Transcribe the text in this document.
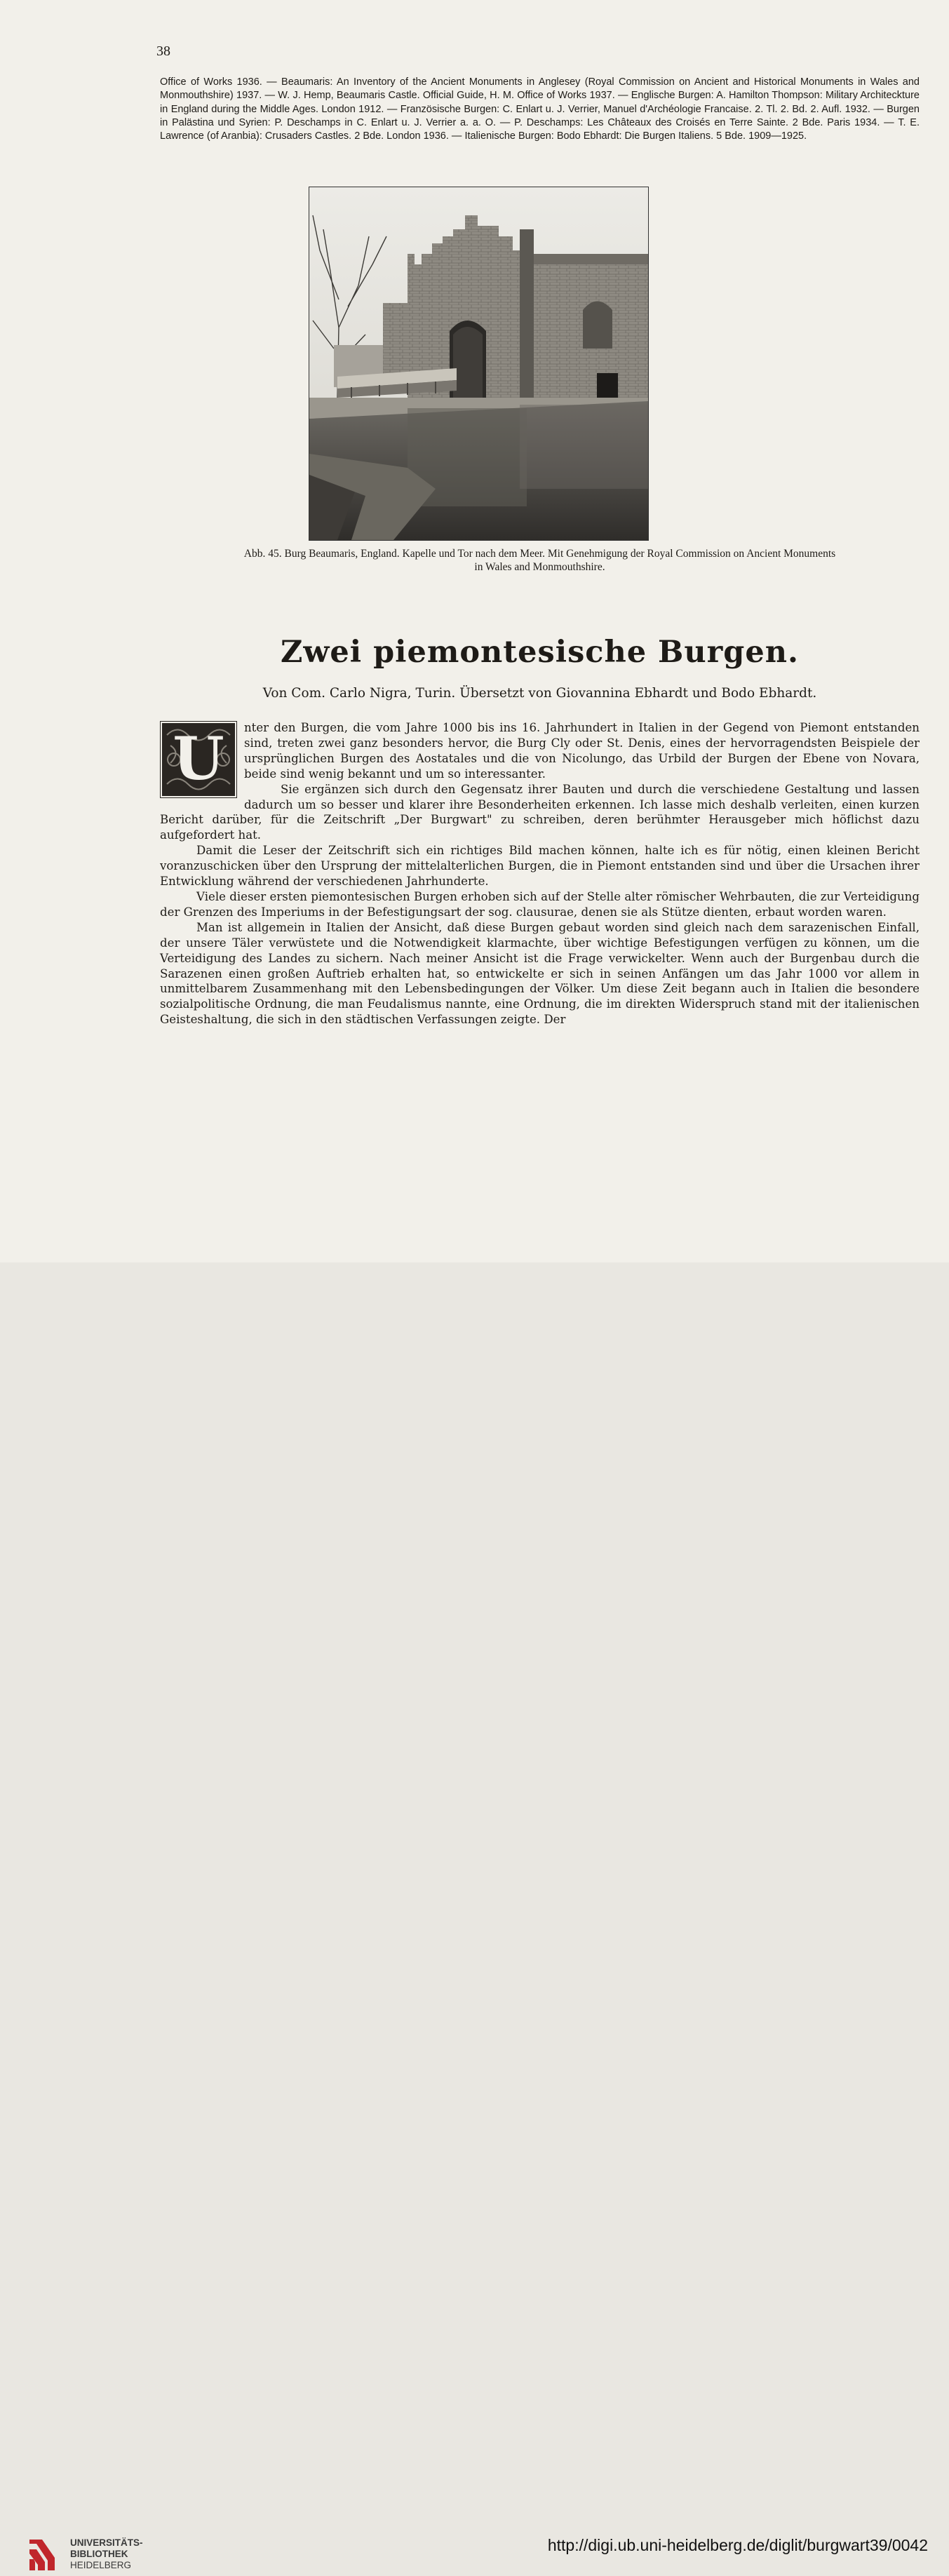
38
Office of Works 1936. — Beaumaris: An Inventory of the Ancient Monuments in Anglesey (Royal Commission on Ancient and Historical Monuments in Wales and Monmouthshire) 1937. — W. J. Hemp, Beaumaris Castle. Official Guide, H. M. Office of Works 1937. — Englische Burgen: A. Hamilton Thompson: Military Architeckture in England during the Middle Ages. London 1912. — Französische Burgen: C. Enlart u. J. Verrier, Manuel d'Archéologie Francaise. 2. Tl. 2. Bd. 2. Aufl. 1932. — Burgen in Palästina und Syrien: P. Deschamps in C. Enlart u. J. Verrier a. a. O. — P. Deschamps: Les Châteaux des Croisés en Terre Sainte. 2 Bde. Paris 1934. — T. E. Lawrence (of Aranbia): Crusaders Castles. 2 Bde. London 1936. — Italienische Burgen: Bodo Ebhardt: Die Burgen Italiens. 5 Bde. 1909—1925.
Abb. 45. Burg Beaumaris, England. Kapelle und Tor nach dem Meer. Mit Genehmigung der Royal Commission on Ancient Monuments
in Wales and Monmouthshire.
Zwei piemontesische Burgen.
Von Com. Carlo Nigra, Turin. Übersetzt von Giovannina Ebhardt und Bodo Ebhardt.
U	nter den Burgen, die vom Jahre 1000 bis ins 16. Jahrhundert in Italien in der Gegend von Piemont entstanden sind, treten zwei ganz besonders hervor, die Burg Cly oder St. Denis, eines der hervorragendsten Beispiele der ursprünglichen Burgen des Aostatales und die von Nicolungo, das Urbild der Burgen der Ebene von Novara, beide sind wenig bekannt und um so interessanter.

Sie ergänzen sich durch den Gegensatz ihrer Bauten und durch die verschiedene Gestaltung und lassen dadurch um so besser und klarer ihre Besonderheiten erkennen. Ich lasse mich deshalb verleiten, einen kurzen Bericht darüber, für die Zeitschrift „Der Burgwart" zu schreiben, deren berühmter Herausgeber mich höflichst dazu aufgefordert hat.

Damit die Leser der Zeitschrift sich ein richtiges Bild machen können, halte ich es für nötig, einen kleinen Bericht voranzuschicken über den Ursprung der mittelalterlichen Burgen, die in Piemont entstanden sind und über die Ursachen ihrer Entwicklung während der verschiedenen Jahrhunderte.

Viele dieser ersten piemontesischen Burgen erhoben sich auf der Stelle alter römischer Wehrbauten, die zur Verteidigung der Grenzen des Imperiums in der Befestigungsart der sog. clausurae, denen sie als Stütze dienten, erbaut worden waren.

Man ist allgemein in Italien der Ansicht, daß diese Burgen gebaut worden sind gleich nach dem sarazenischen Einfall, der unsere Täler verwüstete und die Notwendigkeit klarmachte, über wichtige Befestigungen verfügen zu können, um die Verteidigung des Landes zu sichern. Nach meiner Ansicht ist die Frage verwickelter. Wenn auch der Burgenbau durch die Sarazenen einen großen Auftrieb erhalten hat, so entwickelte er sich in seinen Anfängen um das Jahr 1000 vor allem in unmittelbarem Zusammenhang mit den Lebensbedingungen der Völker. Um diese Zeit begann auch in Italien die besondere sozialpolitische Ordnung, die man Feudalismus nannte, eine Ordnung, die im direkten Widerspruch stand mit der italienischen Geisteshaltung, die sich in den städtischen Verfassungen zeigte. Der

UNIVERSITÄTS-
BIBLIOTHEK
HEIDELBERG
http://digi.ub.uni-heidelberg.de/diglit/burgwart39/0042
